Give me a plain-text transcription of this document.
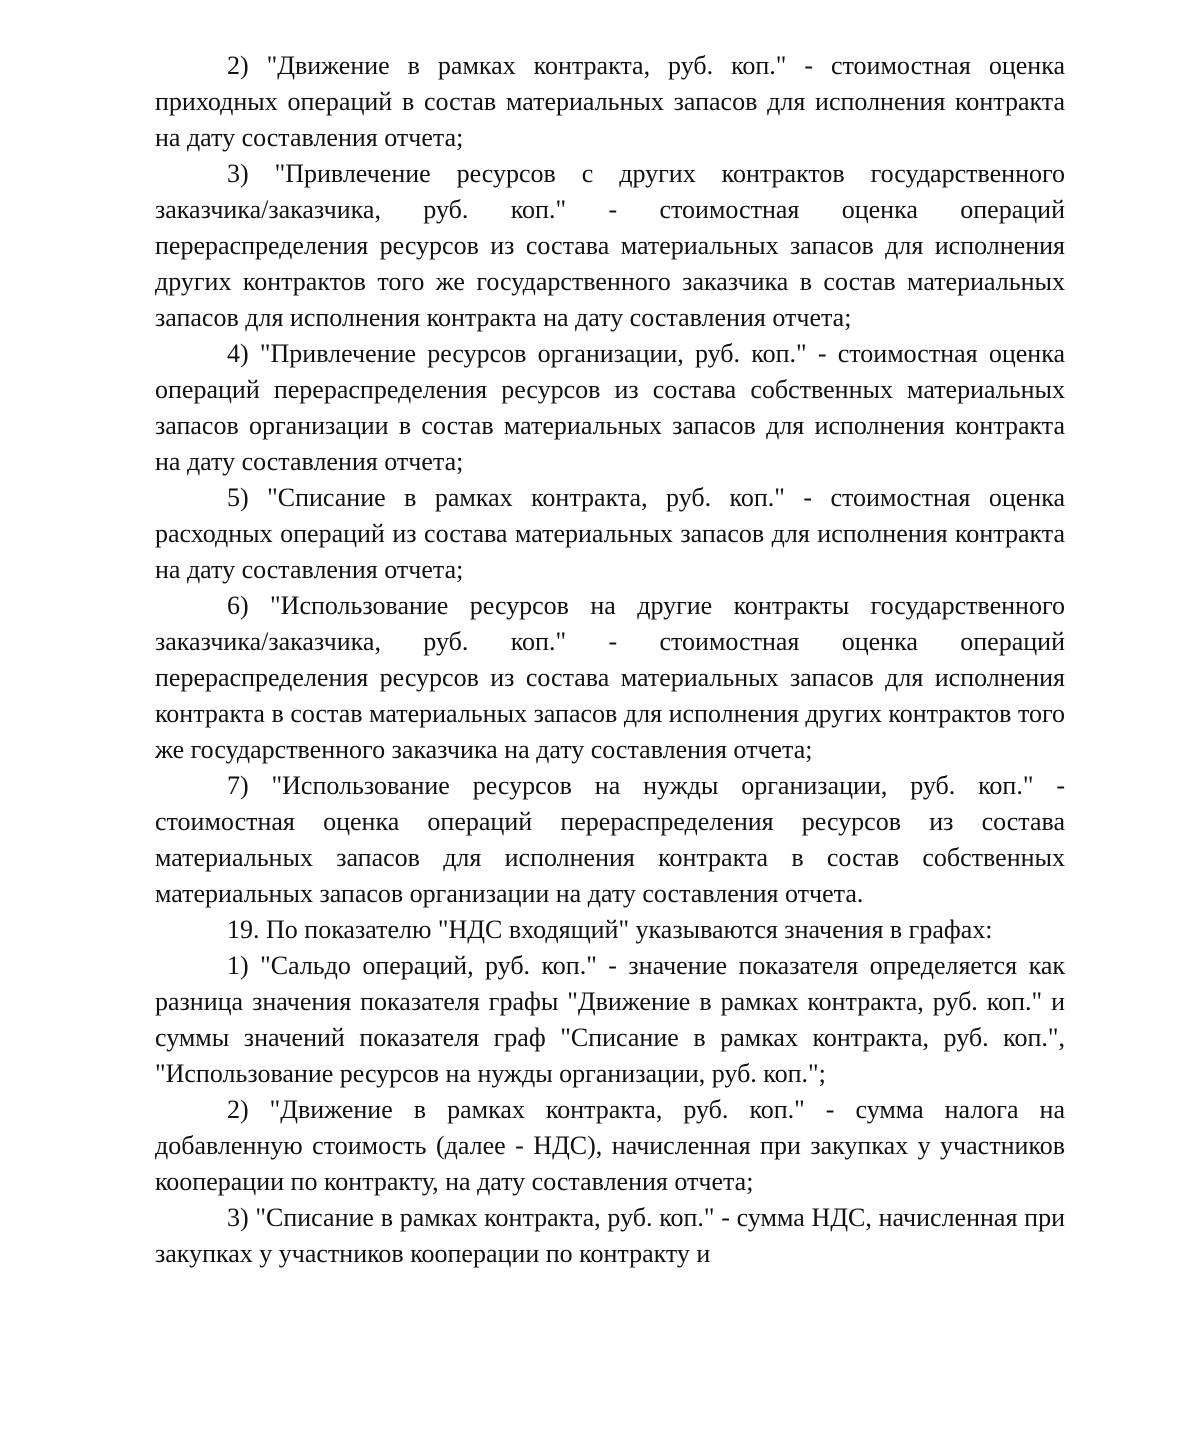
2) "Движение в рамках контракта, руб. коп." - стоимостная оценка приходных операций в состав материальных запасов для исполнения контракта на дату составления отчета;

3) "Привлечение ресурсов с других контрактов государственного заказчика/заказчика, руб. коп." - стоимостная оценка операций перераспределения ресурсов из состава материальных запасов для исполнения других контрактов того же государственного заказчика в состав материальных запасов для исполнения контракта на дату составления отчета;

4) "Привлечение ресурсов организации, руб. коп." - стоимостная оценка операций перераспределения ресурсов из состава собственных материальных запасов организации в состав материальных запасов для исполнения контракта на дату составления отчета;

5) "Списание в рамках контракта, руб. коп." - стоимостная оценка расходных операций из состава материальных запасов для исполнения контракта на дату составления отчета;

6) "Использование ресурсов на другие контракты государственного заказчика/заказчика, руб. коп." - стоимостная оценка операций перераспределения ресурсов из состава материальных запасов для исполнения контракта в состав материальных запасов для исполнения других контрактов того же государственного заказчика на дату составления отчета;

7) "Использование ресурсов на нужды организации, руб. коп." - стоимостная оценка операций перераспределения ресурсов из состава материальных запасов для исполнения контракта в состав собственных материальных запасов организации на дату составления отчета.

19. По показателю "НДС входящий" указываются значения в графах:

1) "Сальдо операций, руб. коп." - значение показателя определяется как разница значения показателя графы "Движение в рамках контракта, руб. коп." и суммы значений показателя граф "Списание в рамках контракта, руб. коп.", "Использование ресурсов на нужды организации, руб. коп.";

2) "Движение в рамках контракта, руб. коп." - сумма налога на добавленную стоимость (далее - НДС), начисленная при закупках у участников кооперации по контракту, на дату составления отчета;

3) "Списание в рамках контракта, руб. коп." - сумма НДС, начисленная при закупках у участников кооперации по контракту и
